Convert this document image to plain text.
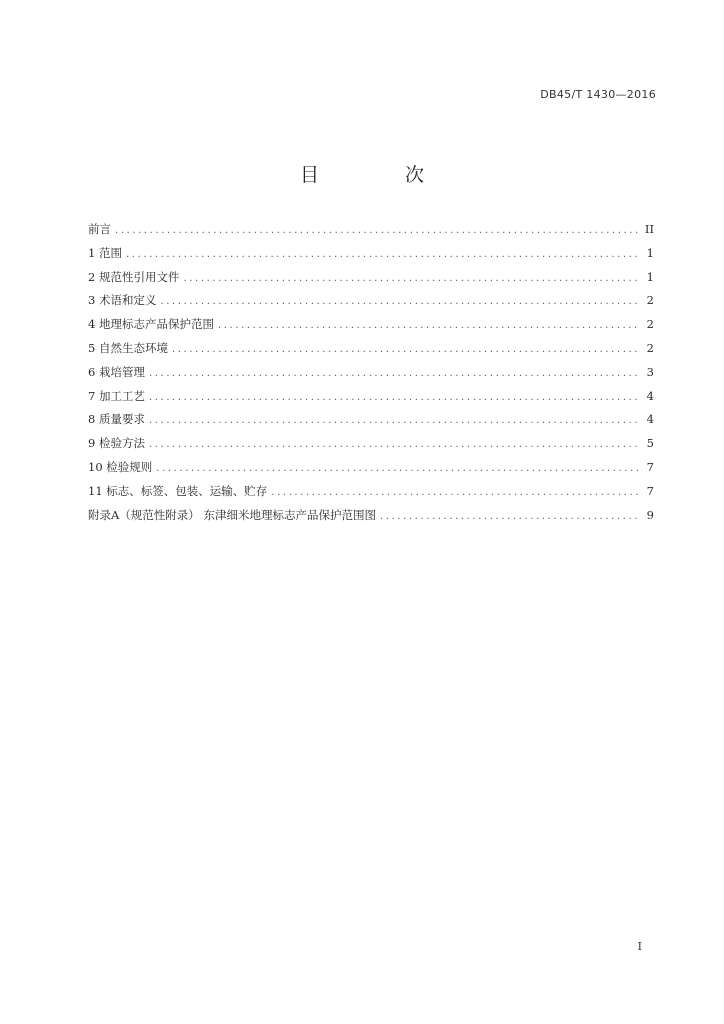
DB45/T 1430—2016
目 次
前言 .....	II
1 范围 .....	1
2 规范性引用文件 .....	1
3 术语和定义 .....	2
4 地理标志产品保护范围 .....	2
5 自然生态环境 .....	2
6 栽培管理 .....	3
7 加工工艺 .....	4
8 质量要求 .....	4
9 检验方法 .....	5
10 检验规则 .....	7
11 标志、标签、包装、运输、贮存 .....	7
附录A（规范性附录） 东津细米地理标志产品保护范围图 .....	9
I
